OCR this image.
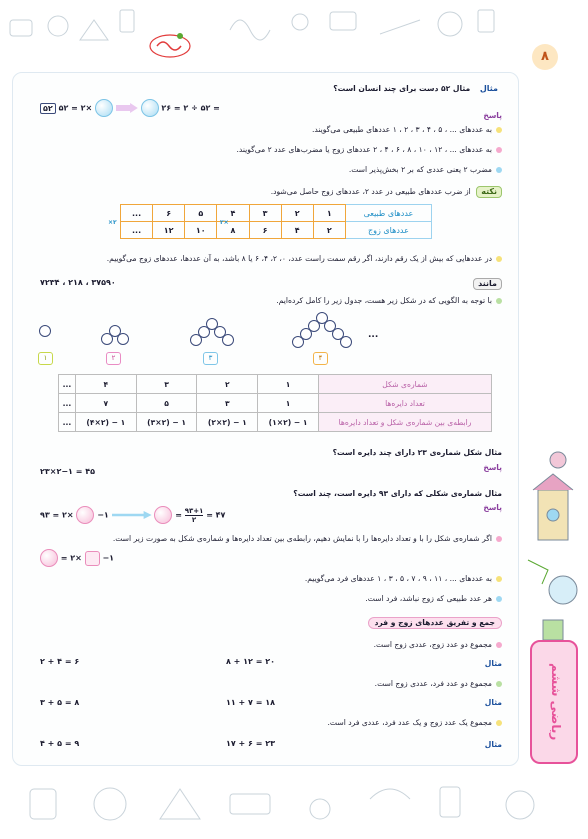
٨
ریاضی ششم
مثال مثال ۵۲ دست برای چند انسان است؟
۵۲ ۵۲ = ۲×	۲۶ = ۲ ÷ ۵۲ =
پاسخ
به عددهای ... ، ۵ ، ۴ ، ۳ ، ۲ ، ۱ عددهای طبیعی می‌گویند.
به عددهای ... ، ۱۲ ، ۱۰ ، ۸ ، ۶ ، ۴ ، ۲ عددهای زوج یا مضرب‌های عدد ۲ می‌گویند.
مضرب ۲ یعنی عددی که بر ۲ بخش‌پذیر است.
نکته از ضرب عددهای طبیعی در عدد ۲، عددهای زوج حاصل می‌شود.
...	۶	۵	۴	۳	۲	۱	عددهای طبیعی
...	۱۲	۱۰	۸	۶	۴	۲	عددهای زوج
×۲	۲×
در عددهایی که بیش از یک رقم دارند، اگر رقم سمت راست عدد، ۰، ۲، ۴، ۶ یا ۸ باشد، به آن عددها، عددهای زوج می‌گوییم.
مانند
۷۲۳۴ ، ۲۱۸ ، ۳۷۵۹۰
با توجه به الگویی که در شکل زیر هست، جدول زیر را کامل کرده‌ایم.
...
۱	۲	۳	۴
...	۴	۳	۲	۱	شماره‌ی شکل
...	۷	۵	۳	۱	تعداد دایره‌ها
...	(۴×۲) − ۱	(۳×۲) − ۱	(۲×۲) − ۱	(۱×۲) − ۱	رابطه‌ی بین شماره‌ی شکل و تعداد دایره‌ها
مثال شکل شماره‌ی ۲۳ دارای چند دایره است؟
پاسخ
۲۳×۲−۱ = ۴۵
مثال شماره‌ی شکلی که دارای ۹۳ دایره است، چند است؟
پاسخ
۹۳ = ۲×	−۱	= $\frac{۹۳+۱}{۲}$ = ۴۷
اگر شماره‌ی شکل را با و تعداد دایره‌ها را با نمایش دهیم، رابطه‌ی بین تعداد دایره‌ها و شماره‌ی شکل به صورت زیر است.
= ۲×	−۱
به عددهای ... ، ۱۱ ، ۹ ، ۷ ، ۵ ، ۳ ، ۱ عددهای فرد می‌گوییم.
هر عدد طبیعی که زوج نباشد، فرد است.
جمع و تفریق عددهای زوج و فرد
مجموع دو عدد زوج، عددی زوج است.
مثال
۲ + ۴ = ۶	۸ + ۱۲ = ۲۰
مجموع دو عدد فرد، عددی زوج است.
مثال
۳ + ۵ = ۸	۱۱ + ۷ = ۱۸
مجموع یک عدد زوج و یک عدد فرد، عددی فرد است.
مثال
۴ + ۵ = ۹	۱۷ + ۶ = ۲۳
